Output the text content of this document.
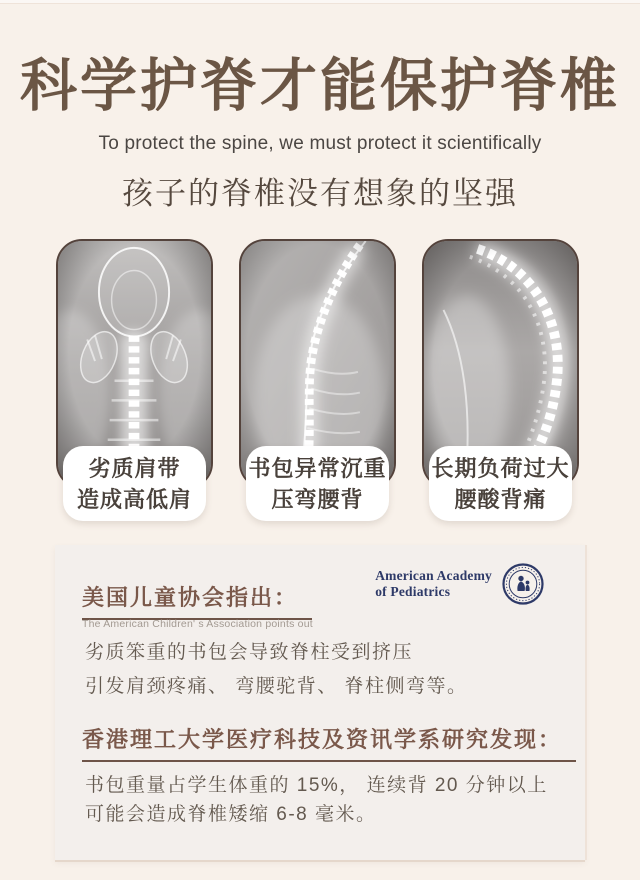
科学护脊才能保护脊椎
To protect the spine, we must protect it scientifically
孩子的脊椎没有想象的坚强
劣质肩带
造成高低肩
书包异常沉重
压弯腰背
长期负荷过大
腰酸背痛
美国儿童协会指出：
The American Children' s Association points out
American Academy
of Pediatrics
劣质笨重的书包会导致脊柱受到挤压
引发肩颈疼痛、 弯腰驼背、 脊柱侧弯等。
香港理工大学医疗科技及资讯学系研究发现：
书包重量占学生体重的 15%， 连续背 20 分钟以上
可能会造成脊椎矮缩 6-8 毫米。
